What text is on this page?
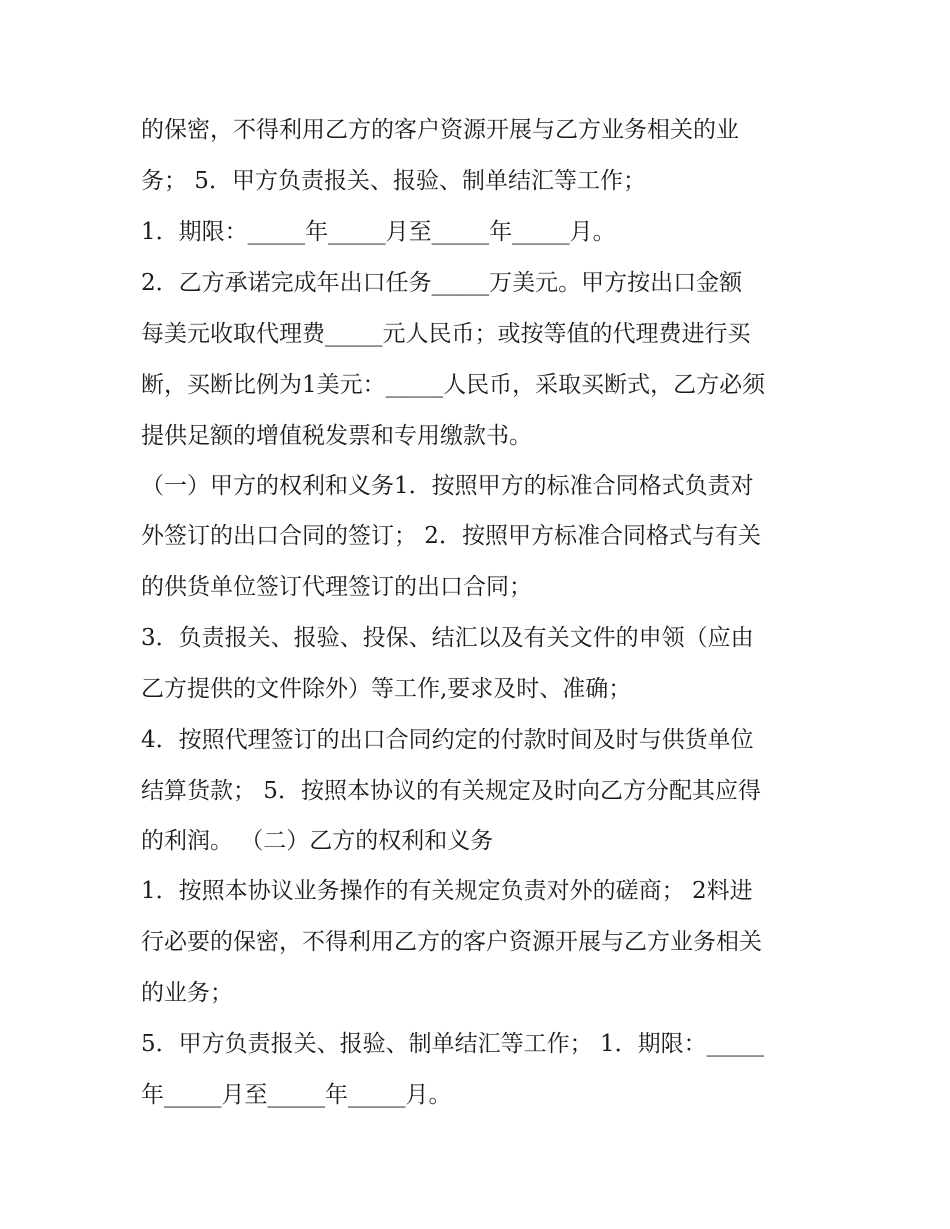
的保密，不得利用乙方的客户资源开展与乙方业务相关的业
务； 5．甲方负责报关、报验、制单结汇等工作；
1．期限：_____年_____月至_____年_____月。
2．乙方承诺完成年出口任务_____万美元。甲方按出口金额
每美元收取代理费_____元人民币；或按等值的代理费进行买
断，买断比例为1美元：_____人民币，采取买断式，乙方必须
提供足额的增值税发票和专用缴款书。
（一）甲方的权利和义务1．按照甲方的标准合同格式负责对
外签订的出口合同的签订； 2．按照甲方标准合同格式与有关
的供货单位签订代理签订的出口合同；
3．负责报关、报验、投保、结汇以及有关文件的申领（应由
乙方提供的文件除外）等工作,要求及时、准确；
4．按照代理签订的出口合同约定的付款时间及时与供货单位
结算货款； 5．按照本协议的有关规定及时向乙方分配其应得
的利润。 （二）乙方的权利和义务
1．按照本协议业务操作的有关规定负责对外的磋商； 2料进
行必要的保密，不得利用乙方的客户资源开展与乙方业务相关
的业务；
5．甲方负责报关、报验、制单结汇等工作； 1．期限：_____
年_____月至_____年_____月。
